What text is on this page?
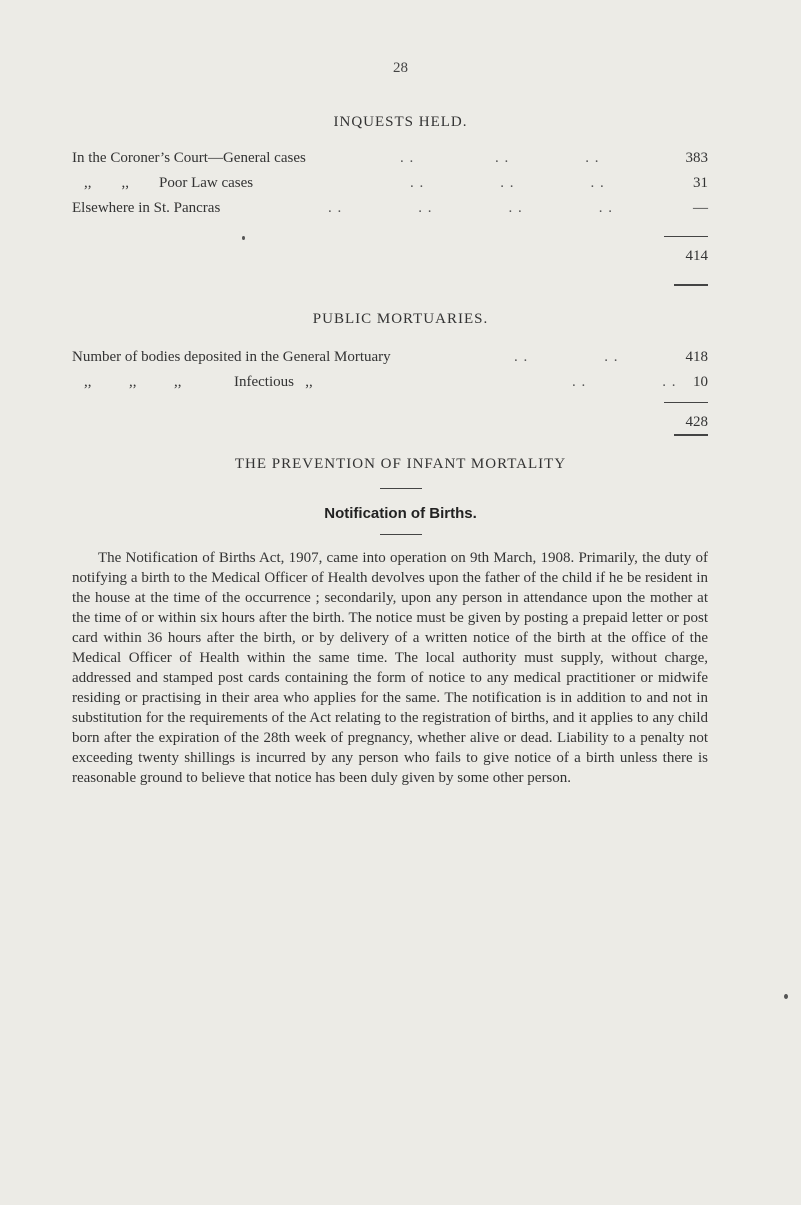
28
INQUESTS HELD.
In the Coroner’s Court—General cases	. .                 . .                . .	383
,,        ,,        Poor Law cases	. .                . .                . .	31
Elsewhere in St. Pancras	. .                . .                . .                . .	—
414
PUBLIC MORTUARIES.
Number of bodies deposited in the General Mortuary	. .                . .	418
,,          ,,          ,,              Infectious   ,,	. .                . . 10
428
THE PREVENTION OF INFANT MORTALITY
Notification of Births.
The Notification of Births Act, 1907, came into operation on 9th March, 1908. Primarily, the duty of notifying a birth to the Medical Officer of Health devolves upon the father of the child if he be resident in the house at the time of the occurrence ; secondarily, upon any person in attendance upon the mother at the time of or within six hours after the birth. The notice must be given by posting a prepaid letter or post card within 36 hours after the birth, or by delivery of a written notice of the birth at the office of the Medical Officer of Health within the same time. The local authority must supply, without charge, addressed and stamped post cards containing the form of notice to any medical practitioner or midwife residing or practising in their area who applies for the same. The notification is in addition to and not in substitution for the requirements of the Act relating to the registration of births, and it applies to any child born after the expiration of the 28th week of pregnancy, whether alive or dead. Liability to a penalty not exceeding twenty shillings is incurred by any person who fails to give notice of a birth unless there is reasonable ground to believe that notice has been duly given by some other person.
